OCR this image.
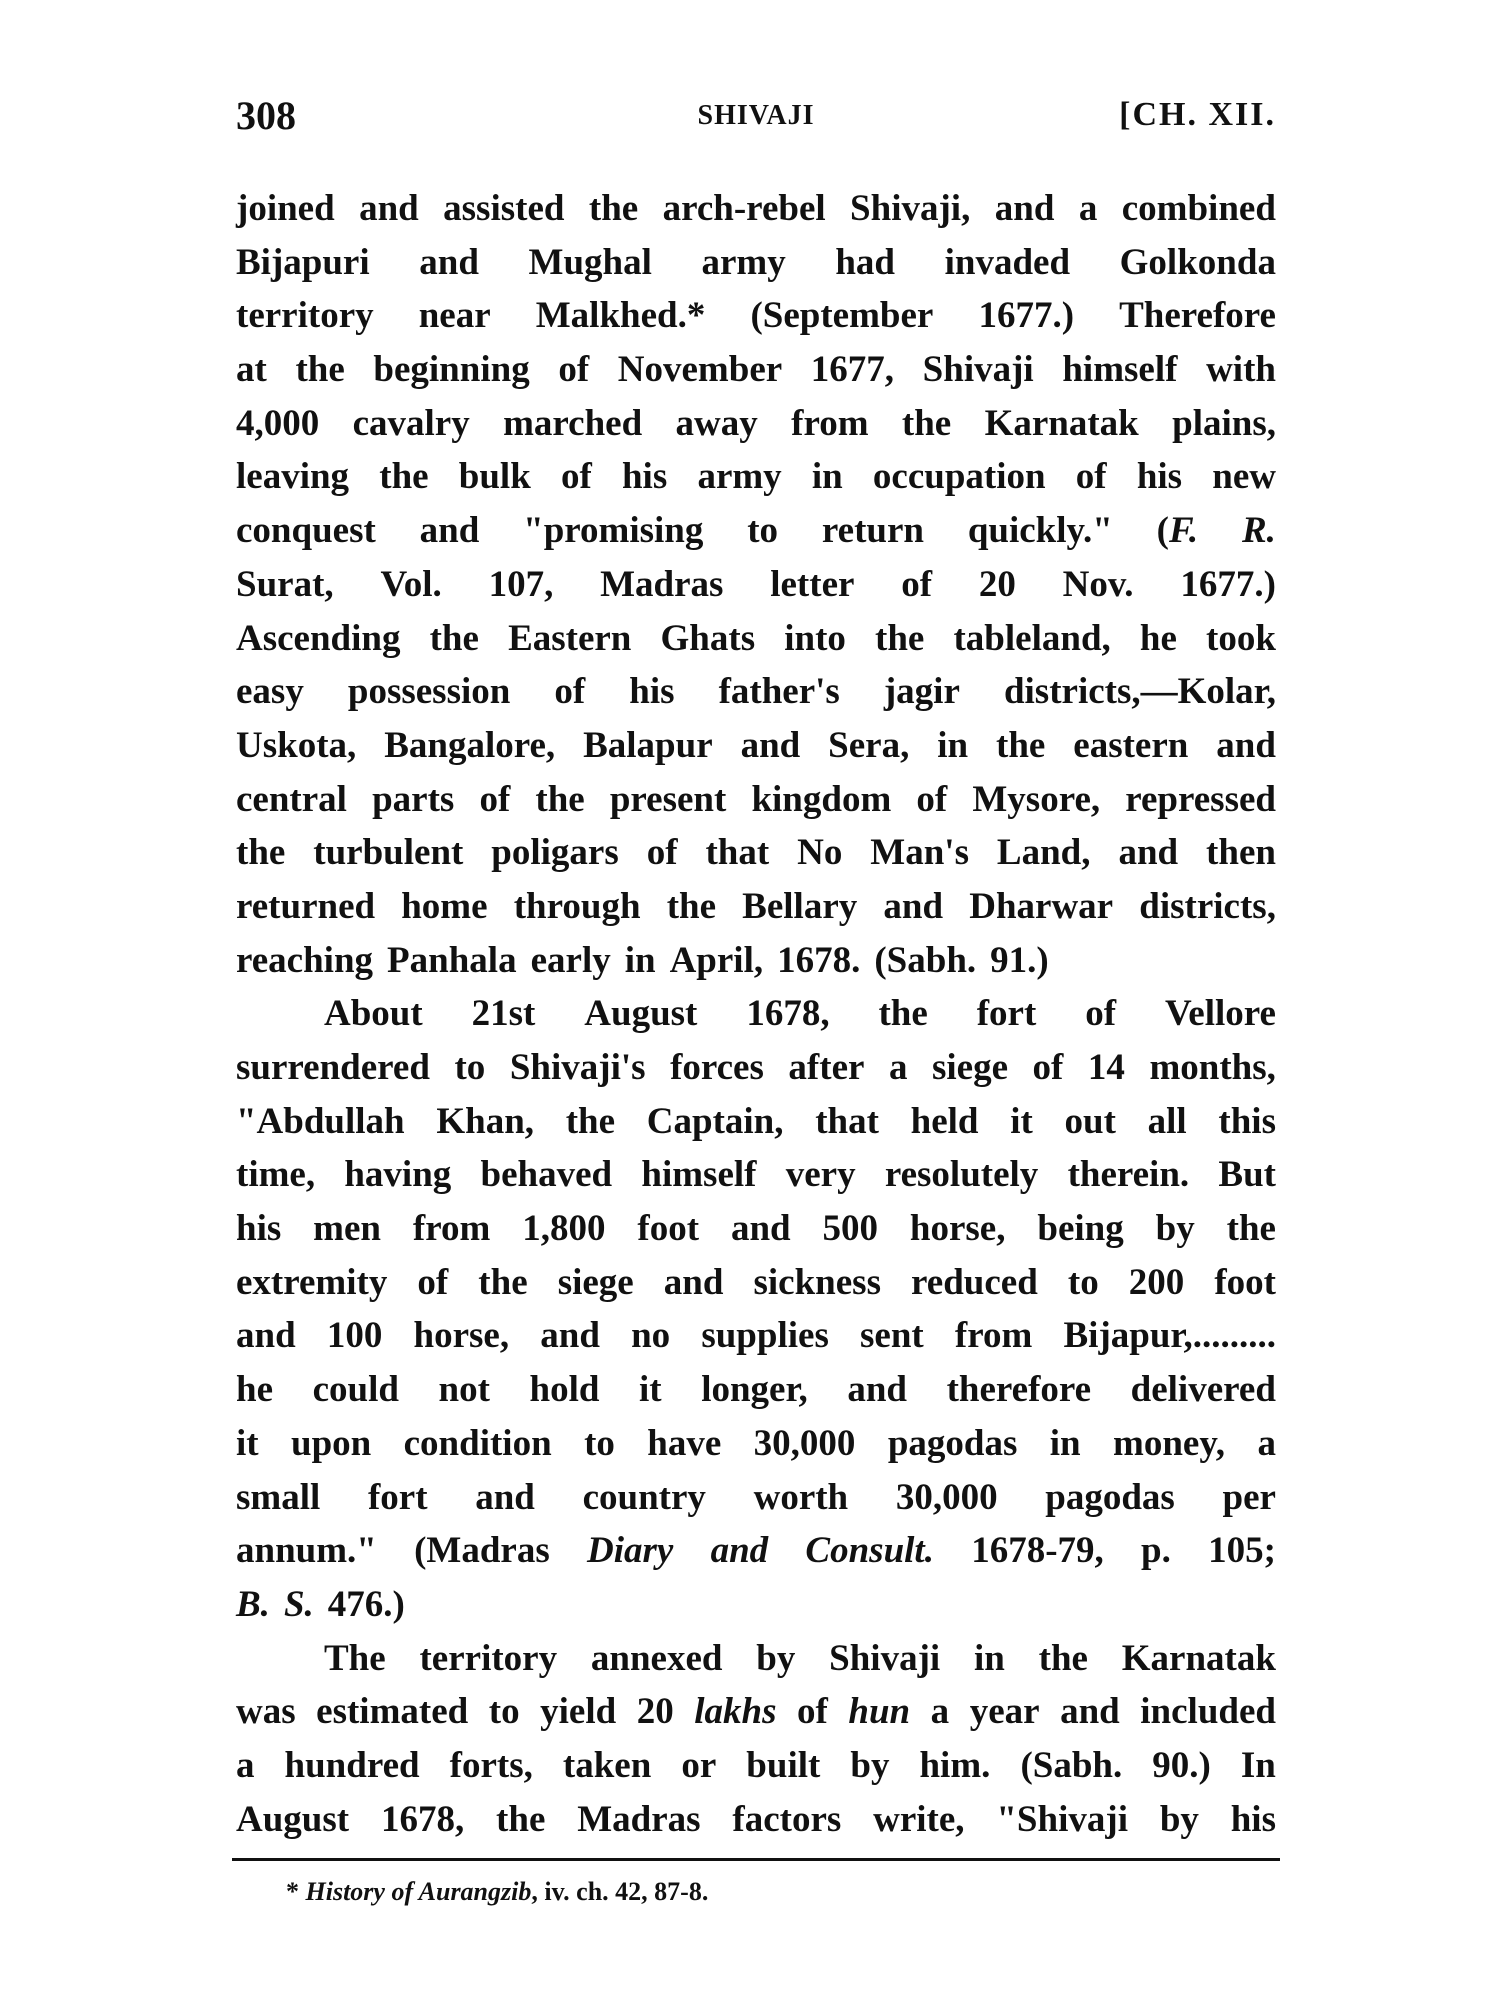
308	SHIVAJI	[CH. XII.
joined and assisted the arch-rebel Shivaji, and a combined
Bijapuri and Mughal army had invaded Golkonda
territory near Malkhed.* (September 1677.) Therefore
at the beginning of November 1677, Shivaji himself with
4,000 cavalry marched away from the Karnatak plains,
leaving the bulk of his army in occupation of his new
conquest and "promising to return quickly." (F. R.
Surat, Vol. 107, Madras letter of 20 Nov. 1677.)
Ascending the Eastern Ghats into the tableland, he took
easy possession of his father's jagir districts,—Kolar,
Uskota, Bangalore, Balapur and Sera, in the eastern and
central parts of the present kingdom of Mysore, repressed
the turbulent poligars of that No Man's Land, and then
returned home through the Bellary and Dharwar districts,
reaching Panhala early in April, 1678. (Sabh. 91.)
About 21st August 1678, the fort of Vellore
surrendered to Shivaji's forces after a siege of 14 months,
"Abdullah Khan, the Captain, that held it out all this
time, having behaved himself very resolutely therein. But
his men from 1,800 foot and 500 horse, being by the
extremity of the siege and sickness reduced to 200 foot
and 100 horse, and no supplies sent from Bijapur,.........
he could not hold it longer, and therefore delivered
it upon condition to have 30,000 pagodas in money, a
small fort and country worth 30,000 pagodas per
annum." (Madras Diary and Consult. 1678-79, p. 105;
B. S. 476.)
The territory annexed by Shivaji in the Karnatak
was estimated to yield 20 lakhs of hun a year and included
a hundred forts, taken or built by him. (Sabh. 90.) In
August 1678, the Madras factors write, "Shivaji by his
* History of Aurangzib, iv. ch. 42, 87-8.
